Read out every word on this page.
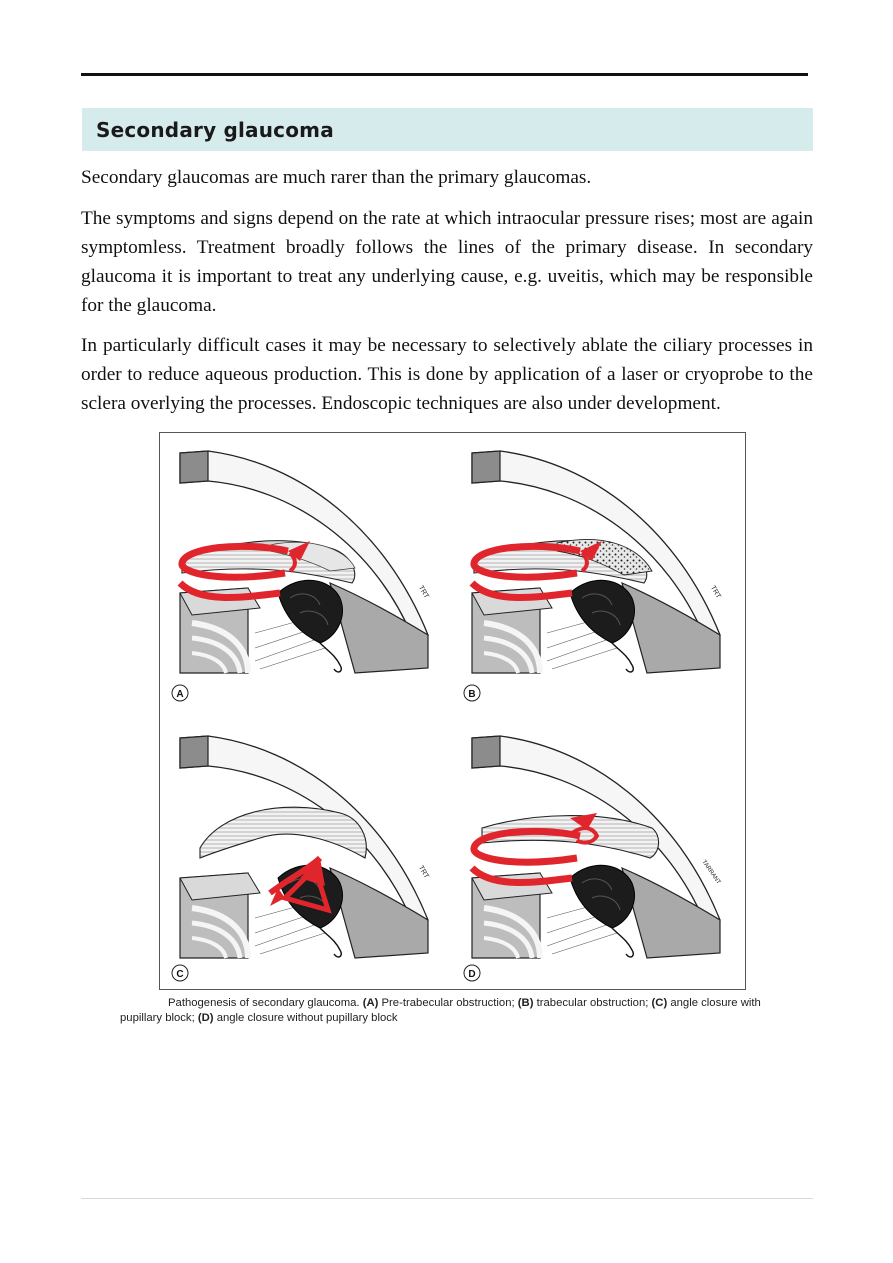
Secondary glaucoma

Secondary glaucomas are much rarer than the primary glaucomas.

The symptoms and signs depend on the rate at which intraocular pressure rises; most are again symptomless. Treatment broadly follows the lines of the primary disease. In secondary glaucoma it is important to treat any underlying cause, e.g. uveitis, which may be responsible for the glaucoma.

In particularly difficult cases it may be necessary to selectively ablate the ciliary processes in order to reduce aqueous production. This is done by application of a laser or cryoprobe to the sclera overlying the processes. Endoscopic techniques are also under development.

A
TRT
B
TRT
C
TRT
D
TARRANT

Pathogenesis of secondary glaucoma. (A) Pre-trabecular obstruction; (B) trabecular obstruction; (C) angle closure with pupillary block; (D) angle closure without pupillary block
